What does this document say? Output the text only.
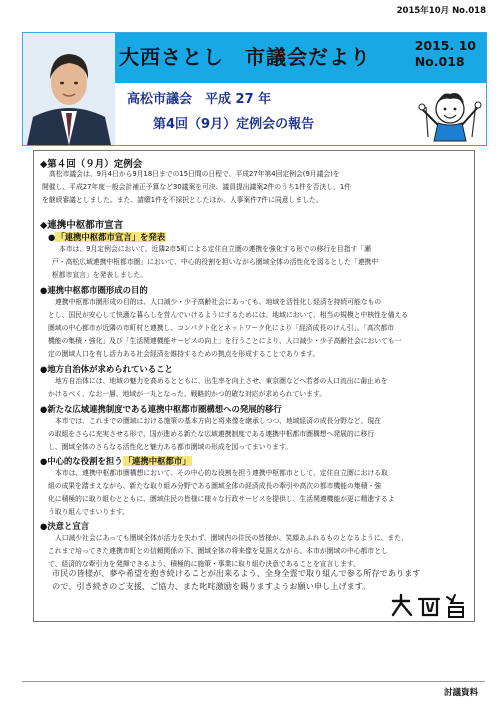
2015年10月 No.018
大西さとし　市議会だより	2015. 10
No.018
高松市議会　平成 27 年
第4回（9月）定例会の報告
◆第４回（９月）定例会
高松市議会は、9月4日から9月18日までの15日間の日程で、平成27年第4回定例会(9月議会)を
開催し、平成27年度一般会計補正予算など30議案を可決、議員提出議案2件のうち1件を否決し、1件
を継続審議としました。また、請願1件を不採択としたほか、人事案件7件に同意しました。
◆連携中枢都市宣言
●「連携中枢都市宣言」を発表
本市は、9月定例会において、近隣2市5町による定住自立圏の連携を強化する形での移行を目指す「瀬
戸・高松広域連携中枢都市圏」において、中心的役割を担いながら圏域全体の活性化を図るとした「連携中
枢都市宣言」を発表しました。
●連携中枢都市圏形成の目的
連携中枢都市圏形成の目的は、人口減少・少子高齢社会にあっても、地域を活性化し経済を持続可能なもの
とし、国民が安心して快適な暮らしを営んでいけるようにするためには、地域において、相当の規模と中核性を備える
圏域の中心都市が近隣の市町村と連携し、コンパクト化とネットワーク化により「経済成長のけん引」、「高次都市
機能の集積・強化」及び「生活関連機能サービスの向上」を行うことにより、人口減少・少子高齢社会においても一
定の圏域人口を有し活力ある社会経済を維持するための拠点を形成することであります。
●地方自治体が求められていること
地方自治体には、地域の魅力を高めるとともに、出生率を向上させ、東京圏などへ若者の人口流出に歯止めを
かけるべく、なお一層、地域が一丸となった、戦略的かつ的確な対応が求められています。
●新たな広域連携制度である連携中枢都市圏構想への発展的移行
本市では、これまでの圏域における施策の基本方向と将来像を継承しつつ、地域経済の成長分野など、現在
の取組をさらに充実させる形で、国が進める新たな広域連携制度である連携中枢都市圏構想へ発展的に移行
し、圏域全体のさらなる活性化と魅力ある都市圏域の形成を図ってまいります。
●中心的な役割を担う「連携中枢都市」
本市は、連携中枢都市圏構想において、その中心的な役割を担う連携中枢都市として、定住自立圏における取
組の成果を踏まえながら、新たな取り組み分野である圏域全体の経済成長の牽引や高次の都市機能の集積・強
化に積極的に取り組むとともに、圏域住民の皆様に様々な行政サービスを提供し、生活関連機能が更に精進するよ
う取り組んでまいります。
●決意と宣言
人口減少社会にあっても圏域全体が活力を失わず、圏域内の住民の皆様が、笑顔あふれるものとなるように、また、
これまで培ってきた連携市町との信頼関係の下、圏域全体の将来像を見据えながら、本市が圏域の中心都市とし
て、経済的な牽引力を発揮できるよう、積極的に施策・事業に取り組む決意であることを宣言します。
市民の皆様が、夢や希望を抱き続けることが出来るよう、全身全霊で取り組んで参る所存であります
ので、引き続きのご支援、ご協力、また叱咤激励を賜りますようお願い申し上げます。
討議資料
